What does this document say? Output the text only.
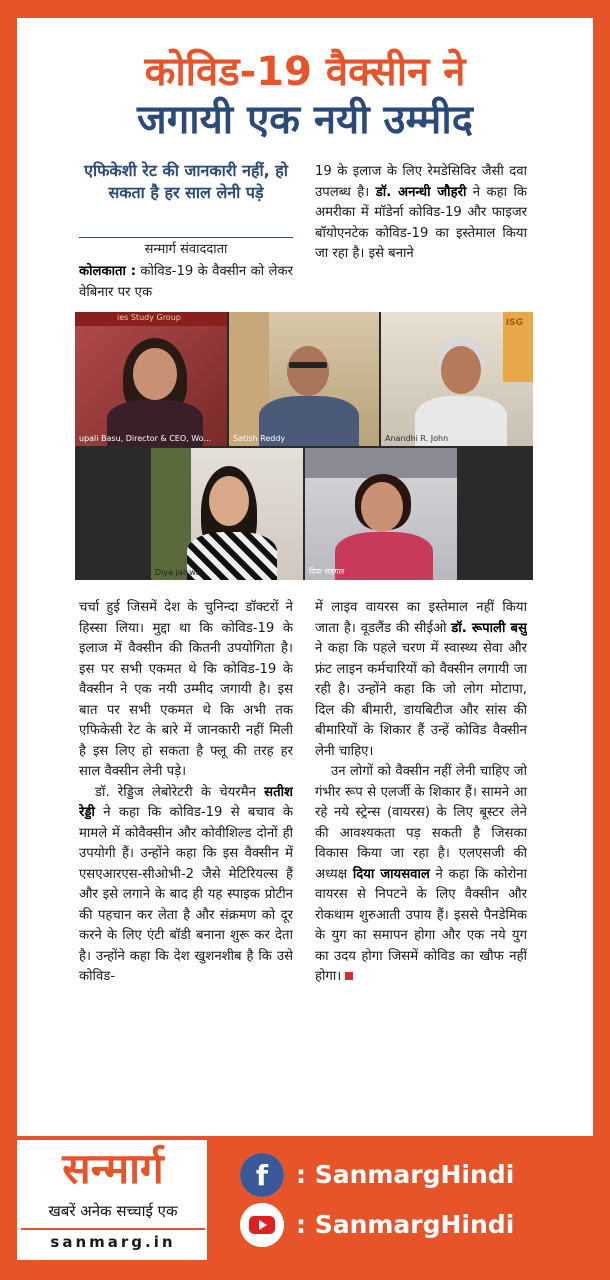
कोविड-19 वैक्सीन ने
जगायी एक नयी उम्मीद
एफिकेशी रेट की जानकारी नहीं, हो सकता है हर साल लेनी पड़े
सन्मार्ग संवाददाता

कोलकाता : कोविड-19 के वैक्सीन को लेकर वेबिनार पर एक

19 के इलाज के लिए रेमडेसिविर जैसी दवा उपलब्ध है। डॉ. अनन्धी जौहरी ने कहा कि अमरीका में मॉडेर्ना कोविड-19 और फाइजर बॉयोएनटेक कोविड-19 का इस्तेमाल किया जा रहा है। इसे बनाने

ies Study Group
upali Basu, Director & CEO, Wo...	Satish Reddy
ISG
Anandhi R. John
Diya Jaiswal	दिया सहगल

चर्चा हुई जिसमें देश के चुनिन्दा डॉक्टरों ने हिस्सा लिया। मुद्दा था कि कोविड-19 के इलाज में वैक्सीन की कितनी उपयोगिता है। इस पर सभी एकमत थे कि कोविड-19 के वैक्सीन ने एक नयी उम्मीद जगायी है। इस बात पर सभी एकमत थे कि अभी तक एफिकेसी रेट के बारे में जानकारी नहीं मिली है इस लिए हो सकता है फ्लू की तरह हर साल वैक्सीन लेनी पड़े।

डॉ. रेड्डिज लेबोरेटरी के चेयरमैन सतीश रेड्डी ने कहा कि कोविड-19 से बचाव के मामले में कोवैक्सीन और कोवीशिल्ड दोनों ही उपयोगी हैं। उन्होंने कहा कि इस वैक्सीन में एसएआरएस-सीओभी-2 जैसे मेटिरियल्स हैं और इसे लगाने के बाद ही यह स्पाइक प्रोटीन की पहचान कर लेता है और संक्रमण को दूर करने के लिए एंटी बॉडी बनाना शुरू कर देता है। उन्होंने कहा कि देश खुशनशीब है कि उसे कोविड-

में लाइव वायरस का इस्तेमाल नहीं किया जाता है। वूडलैंड की सीईओ डॉ. रूपाली बसु ने कहा कि पहले चरण में स्वास्थ्य सेवा और फ्रंट लाइन कर्मचारियों को वैक्सीन लगायी जा रही है। उन्होंने कहा कि जो लोग मोटापा, दिल की बीमारी, डायबिटीज और सांस की बीमारियों के शिकार हैं उन्हें कोविड वैक्सीन लेनी चाहिए।

उन लोगों को वैक्सीन नहीं लेनी चाहिए जो गंभीर रूप से एलर्जी के शिकार हैं। सामने आ रहे नये स्ट्रेन्स (वायरस) के लिए बूस्टर लेने की आवश्यकता पड़ सकती है जिसका विकास किया जा रहा है। एलएसजी की अध्यक्ष दिया जायसवाल ने कहा कि कोरोना वायरस से निपटने के लिए वैक्सीन और रोकथाम शुरुआती उपाय हैं। इससे पैनडेमिक के युग का समापन होगा और एक नये युग का उदय होगा जिसमें कोविड का खौफ नहीं होगा।

सन्मार्ग
खबरें अनेक सच्चाई एक
sanmarg.in
f : SanmargHindi
: SanmargHindi
